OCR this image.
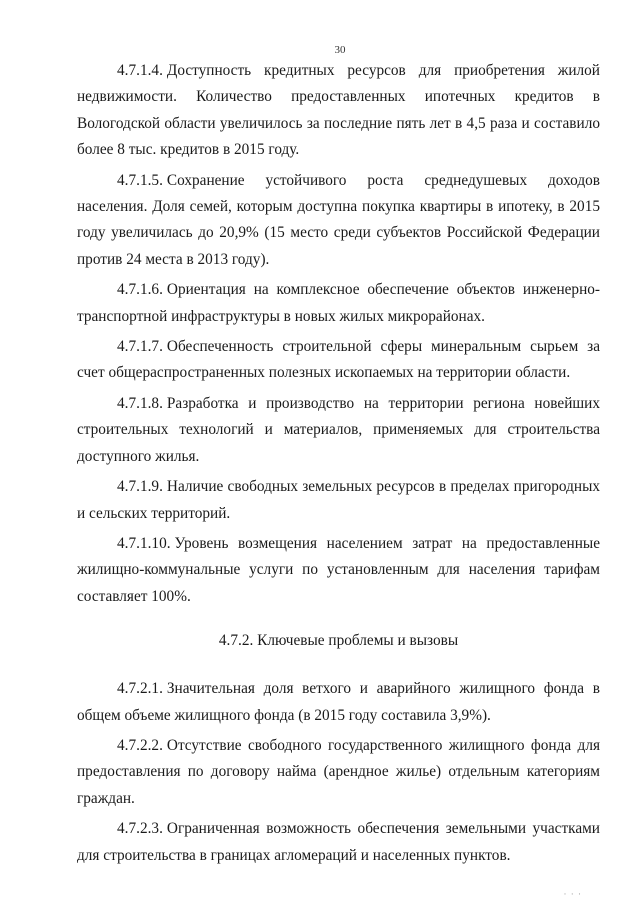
30

4.7.1.4. Доступность кредитных ресурсов для приобретения жилой недвижимости. Количество предоставленных ипотечных кредитов в Вологодской области увеличилось за последние пять лет в 4,5 раза и составило более 8 тыс. кредитов в 2015 году.

4.7.1.5. Сохранение устойчивого роста среднедушевых доходов населения. Доля семей, которым доступна покупка квартиры в ипотеку, в 2015 году увеличилась до 20,9% (15 место среди субъектов Российской Федерации против 24 места в 2013 году).

4.7.1.6. Ориентация на комплексное обеспечение объектов инженерно-транспортной инфраструктуры в новых жилых микрорайонах.

4.7.1.7. Обеспеченность строительной сферы минеральным сырьем за счет общераспространенных полезных ископаемых на территории области.

4.7.1.8. Разработка и производство на территории региона новейших строительных технологий и материалов, применяемых для строительства доступного жилья.

4.7.1.9. Наличие свободных земельных ресурсов в пределах пригородных и сельских территорий.

4.7.1.10. Уровень возмещения населением затрат на предоставленные жилищно-коммунальные услуги по установленным для населения тарифам составляет 100%.

4.7.2. Ключевые проблемы и вызовы

4.7.2.1. Значительная доля ветхого и аварийного жилищного фонда в общем объеме жилищного фонда (в 2015 году составила 3,9%).

4.7.2.2. Отсутствие свободного государственного жилищного фонда для предоставления по договору найма (арендное жилье) отдельным категориям граждан.

4.7.2.3. Ограниченная возможность обеспечения земельными участками для строительства в границах агломераций и населенных пунктов.

· · ·
